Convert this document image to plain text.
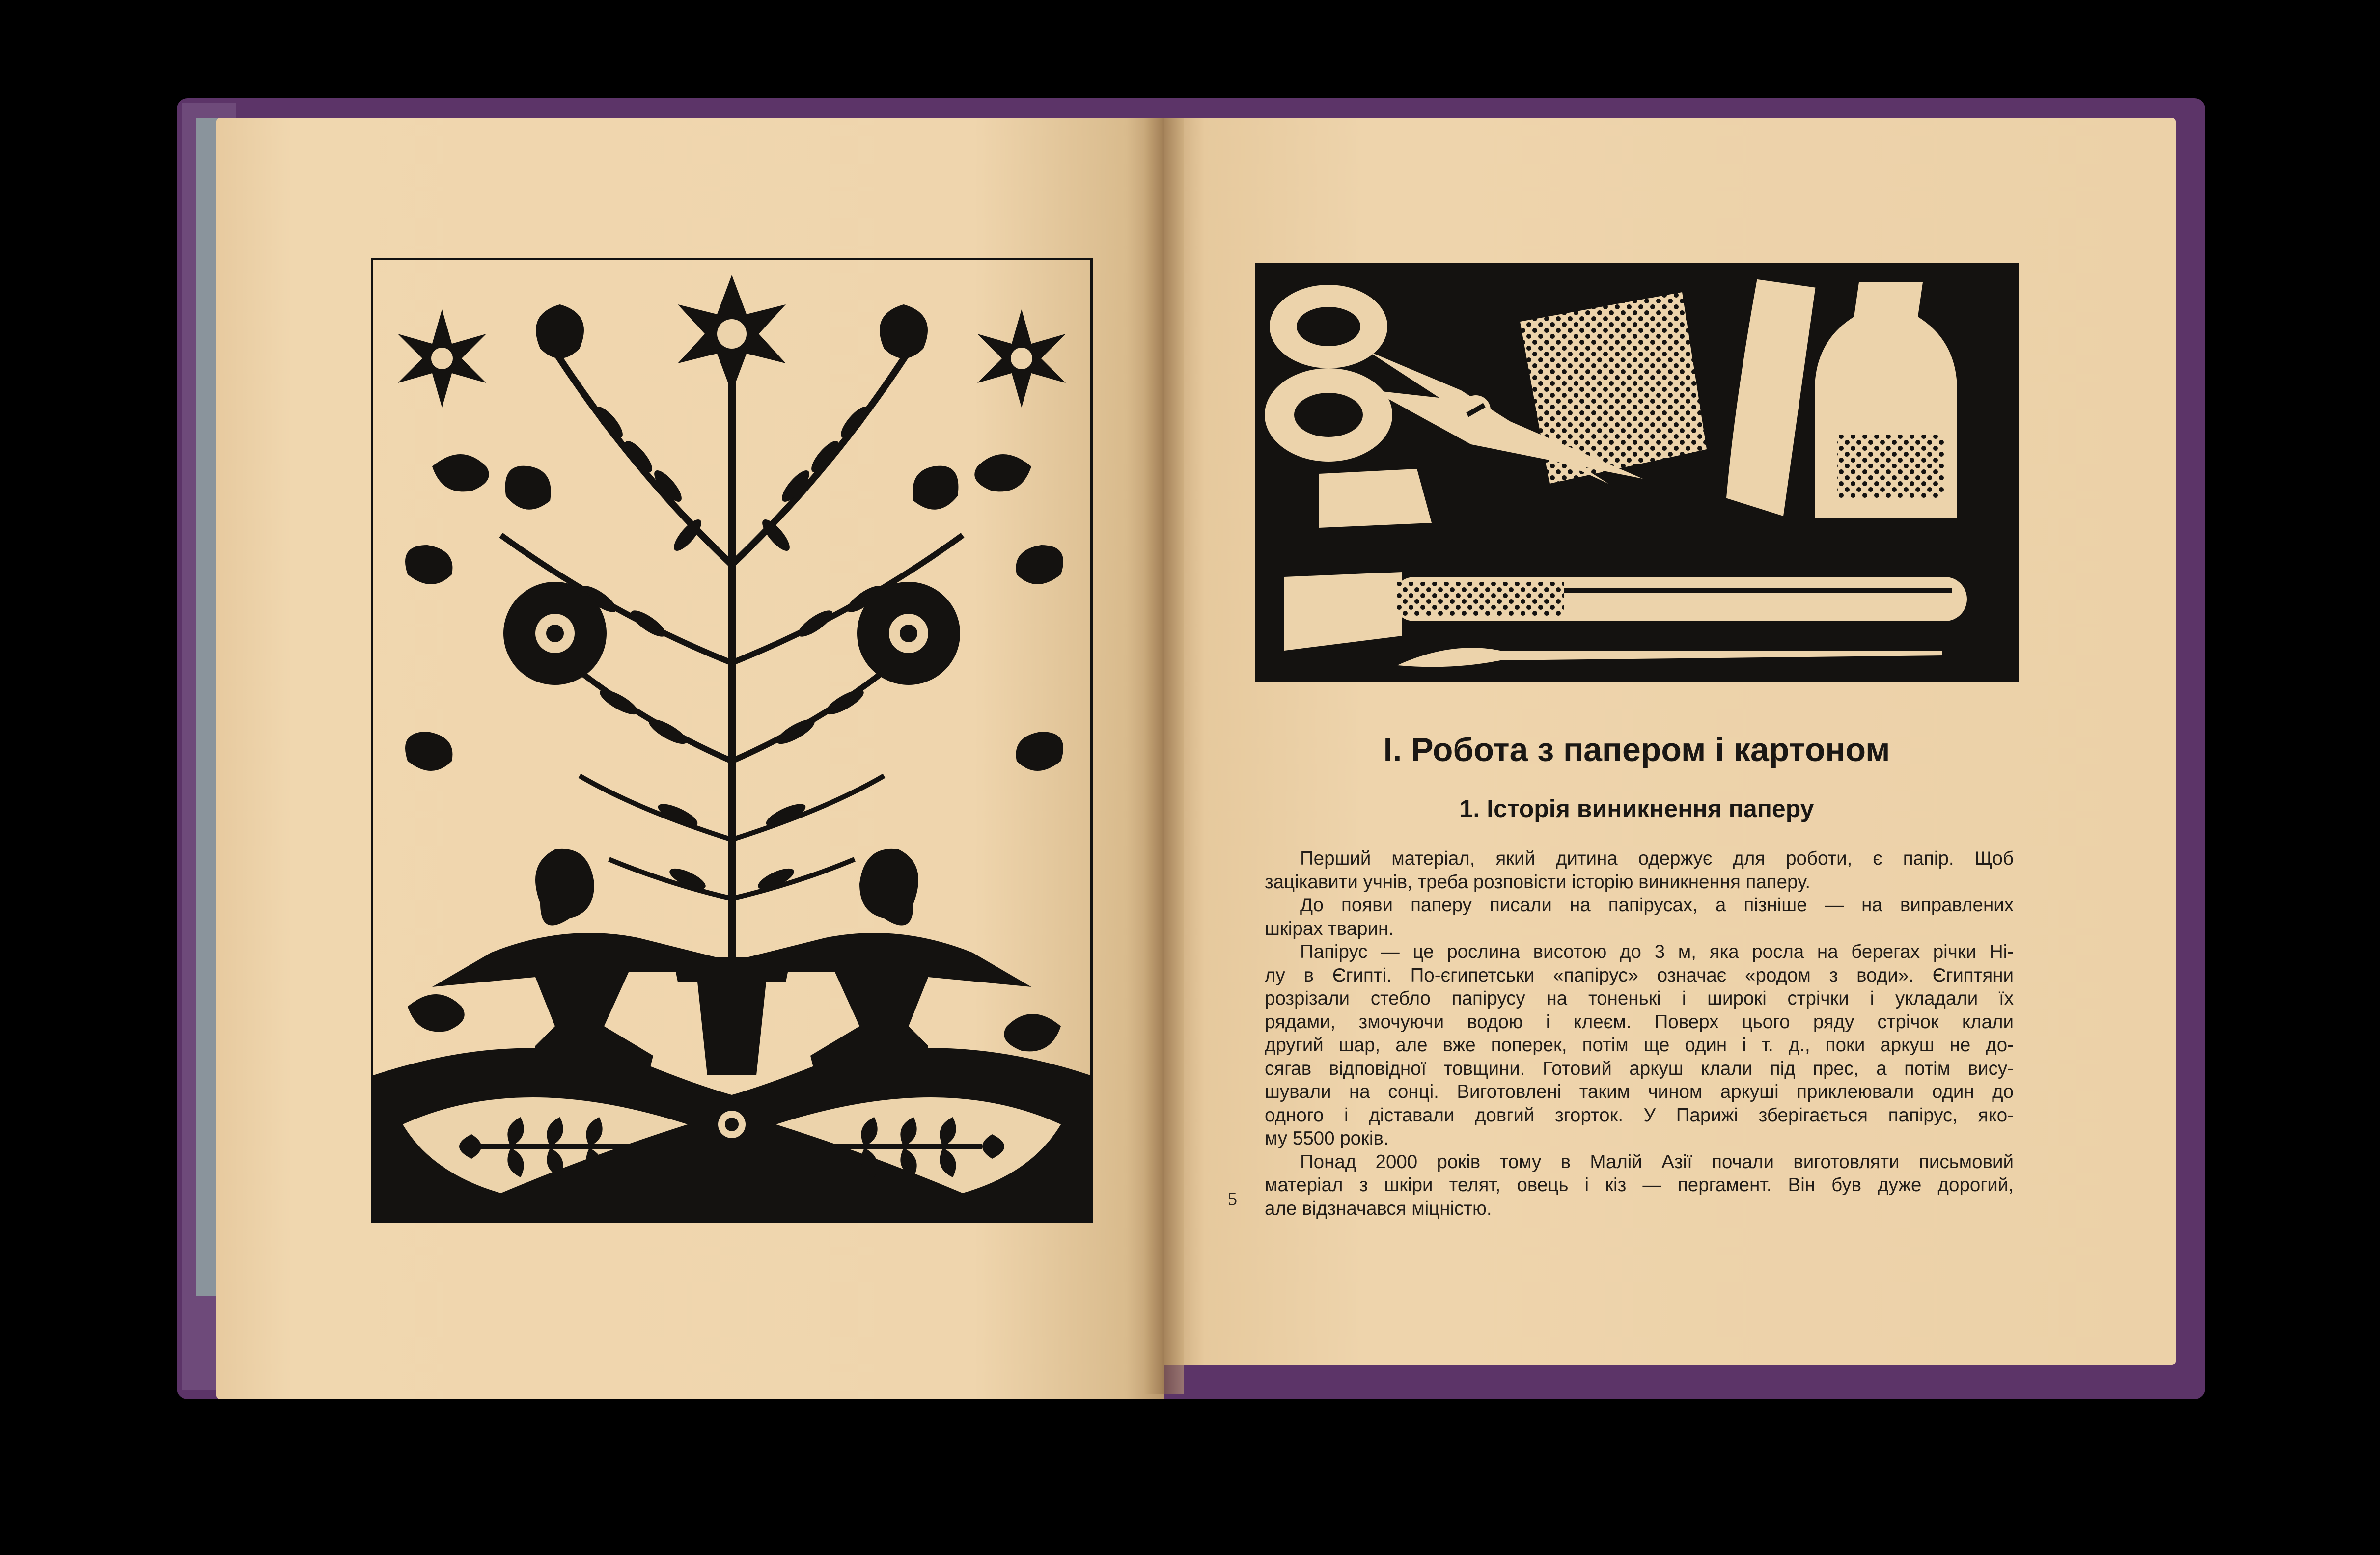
I. Робота з папером і картоном
1. Історія виникнення паперу
Перший матеріал, який дитина одержує для роботи, є папір. Щоб
зацікавити учнів, треба розповісти історію виникнення паперу.
До появи паперу писали на папірусах, а пізніше — на виправлених
шкірах тварин.
Папірус — це рослина висотою до 3 м, яка росла на берегах річки Ні-
лу в Єгипті. По-єгипетськи «папірус» означає «родом з води». Єгиптяни
розрізали стебло папірусу на тоненькі і широкі стрічки і укладали їх
рядами, змочуючи водою і клеєм. Поверх цього ряду стрічок клали
другий шар, але вже поперек, потім ще один і т. д., поки аркуш не до-
сягав відповідної товщини. Готовий аркуш клали під прес, а потім вису-
шували на сонці. Виготовлені таким чином аркуші приклеювали один до
одного і діставали довгий згорток. У Парижі зберігається папірус, яко-
му 5500 років.
Понад 2000 років тому в Малій Азії почали виготовляти письмовий
матеріал з шкіри телят, овець і кіз — пергамент. Він був дуже дорогий,
але відзначався міцністю.
5
